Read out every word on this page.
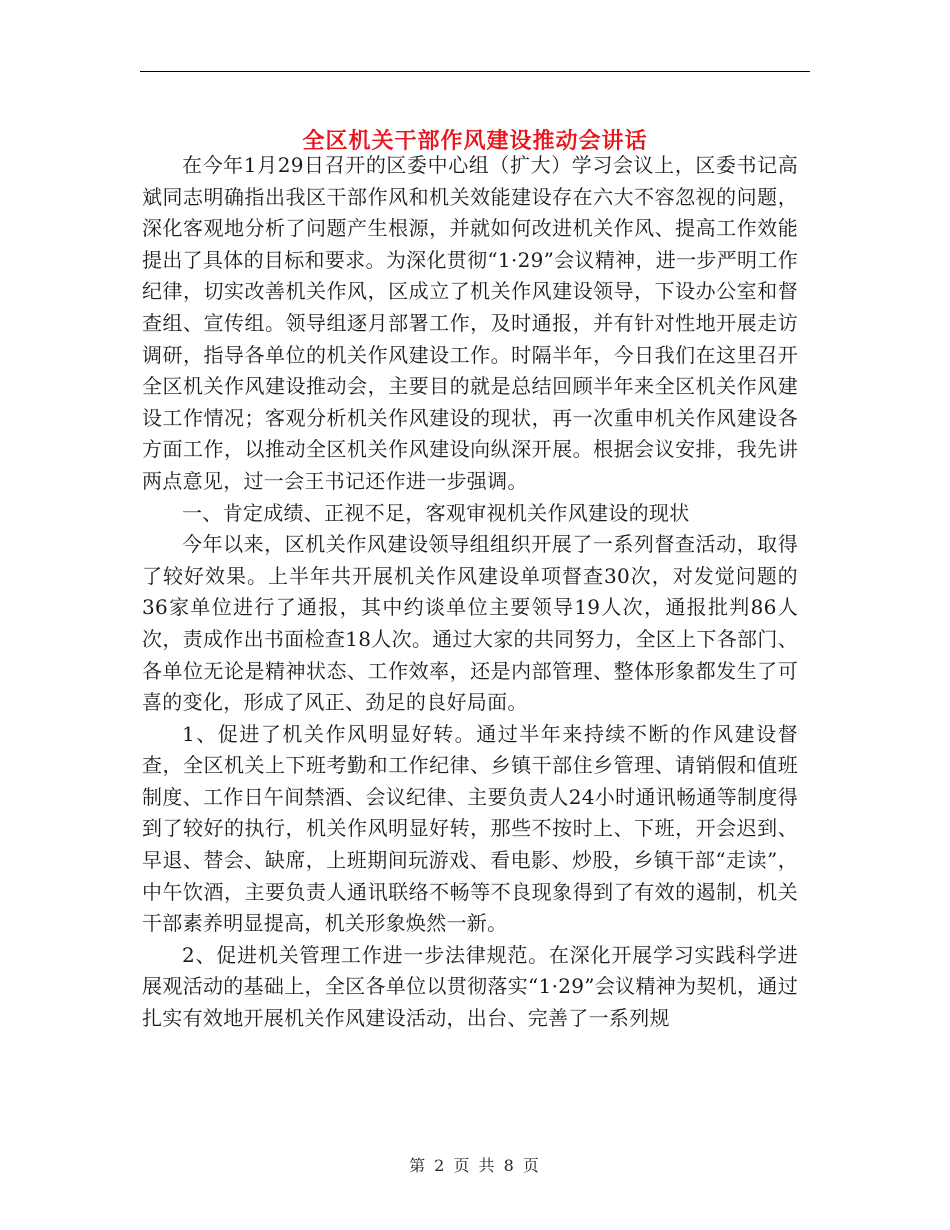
全区机关干部作风建设推动会讲话

在今年1月29日召开的区委中心组（扩大）学习会议上，区委书记高斌同志明确指出我区干部作风和机关效能建设存在六大不容忽视的问题，深化客观地分析了问题产生根源，并就如何改进机关作风、提高工作效能提出了具体的目标和要求。为深化贯彻“1·29”会议精神，进一步严明工作纪律，切实改善机关作风，区成立了机关作风建设领导，下设办公室和督查组、宣传组。领导组逐月部署工作，及时通报，并有针对性地开展走访调研，指导各单位的机关作风建设工作。时隔半年，今日我们在这里召开全区机关作风建设推动会，主要目的就是总结回顾半年来全区机关作风建设工作情况；客观分析机关作风建设的现状，再一次重申机关作风建设各方面工作，以推动全区机关作风建设向纵深开展。根据会议安排，我先讲两点意见，过一会王书记还作进一步强调。

一、肯定成绩、正视不足，客观审视机关作风建设的现状

今年以来，区机关作风建设领导组组织开展了一系列督查活动，取得了较好效果。上半年共开展机关作风建设单项督查30次，对发觉问题的36家单位进行了通报，其中约谈单位主要领导19人次，通报批判86人次，责成作出书面检查18人次。通过大家的共同努力，全区上下各部门、各单位无论是精神状态、工作效率，还是内部管理、整体形象都发生了可喜的变化，形成了风正、劲足的良好局面。

1、促进了机关作风明显好转。通过半年来持续不断的作风建设督查，全区机关上下班考勤和工作纪律、乡镇干部住乡管理、请销假和值班制度、工作日午间禁酒、会议纪律、主要负责人24小时通讯畅通等制度得到了较好的执行，机关作风明显好转，那些不按时上、下班，开会迟到、早退、替会、缺席，上班期间玩游戏、看电影、炒股，乡镇干部“走读”，中午饮酒，主要负责人通讯联络不畅等不良现象得到了有效的遏制，机关干部素养明显提高，机关形象焕然一新。

2、促进机关管理工作进一步法律规范。在深化开展学习实践科学进展观活动的基础上，全区各单位以贯彻落实“1·29”会议精神为契机，通过扎实有效地开展机关作风建设活动，出台、完善了一系列规

第 2 页 共 8 页
